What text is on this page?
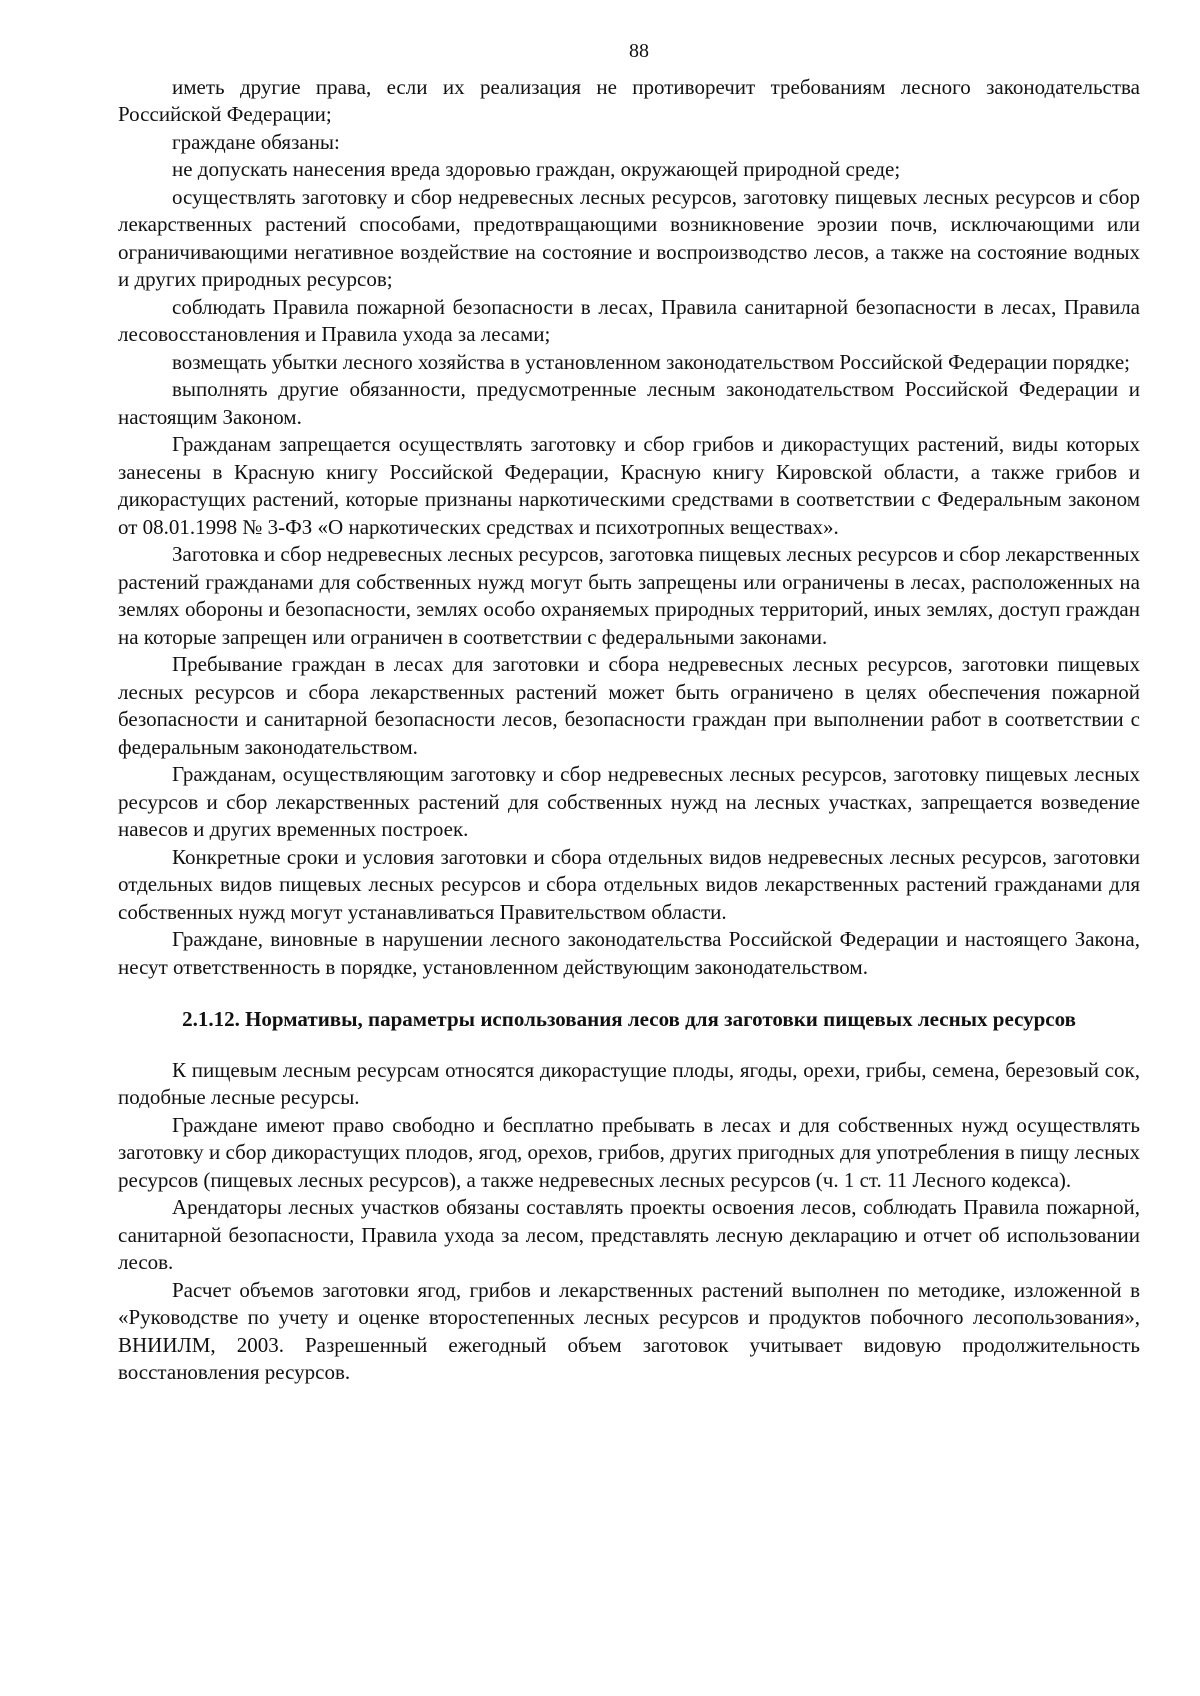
88

иметь другие права, если их реализация не противоречит требованиям лесного законодательства Российской Федерации;

граждане обязаны:

не допускать нанесения вреда здоровью граждан, окружающей природной среде;

осуществлять заготовку и сбор недревесных лесных ресурсов, заготовку пищевых лесных ресурсов и сбор лекарственных растений способами, предотвращающими возникновение эрозии почв, исключающими или ограничивающими негативное воздействие на состояние и воспроизводство лесов, а также на состояние водных и других природных ресурсов;

соблюдать Правила пожарной безопасности в лесах, Правила санитарной безопасности в лесах, Правила лесовосстановления и Правила ухода за лесами;

возмещать убытки лесного хозяйства в установленном законодательством Российской Федерации порядке;

выполнять другие обязанности, предусмотренные лесным законодательством Российской Федерации и настоящим Законом.

Гражданам запрещается осуществлять заготовку и сбор грибов и дикорастущих растений, виды которых занесены в Красную книгу Российской Федерации, Красную книгу Кировской области, а также грибов и дикорастущих растений, которые признаны наркотическими средствами в соответствии с Федеральным законом от 08.01.1998 № 3-ФЗ «О наркотических средствах и психотропных веществах».

Заготовка и сбор недревесных лесных ресурсов, заготовка пищевых лесных ресурсов и сбор лекарственных растений гражданами для собственных нужд могут быть запрещены или ограничены в лесах, расположенных на землях обороны и безопасности, землях особо охраняемых природных территорий, иных землях, доступ граждан на которые запрещен или ограничен в соответствии с федеральными законами.

Пребывание граждан в лесах для заготовки и сбора недревесных лесных ресурсов, заготовки пищевых лесных ресурсов и сбора лекарственных растений может быть ограничено в целях обеспечения пожарной безопасности и санитарной безопасности лесов, безопасности граждан при выполнении работ в соответствии с федеральным законодательством.

Гражданам, осуществляющим заготовку и сбор недревесных лесных ресурсов, заготовку пищевых лесных ресурсов и сбор лекарственных растений для собственных нужд на лесных участках, запрещается возведение навесов и других временных построек.

Конкретные сроки и условия заготовки и сбора отдельных видов недревесных лесных ресурсов, заготовки отдельных видов пищевых лесных ресурсов и сбора отдельных видов лекарственных растений гражданами для собственных нужд могут устанавливаться Правительством области.

Граждане, виновные в нарушении лесного законодательства Российской Федерации и настоящего Закона, несут ответственность в порядке, установленном действующим законодательством.

2.1.12. Нормативы, параметры использования лесов для заготовки пищевых лесных ресурсов

К пищевым лесным ресурсам относятся дикорастущие плоды, ягоды, орехи, грибы, семена, березовый сок, подобные лесные ресурсы.

Граждане имеют право свободно и бесплатно пребывать в лесах и для собственных нужд осуществлять заготовку и сбор дикорастущих плодов, ягод, орехов, грибов, других пригодных для употребления в пищу лесных ресурсов (пищевых лесных ресурсов), а также недревесных лесных ресурсов (ч. 1 ст. 11 Лесного кодекса).

Арендаторы лесных участков обязаны составлять проекты освоения лесов, соблюдать Правила пожарной, санитарной безопасности, Правила ухода за лесом, представлять лесную декларацию и отчет об использовании лесов.

Расчет объемов заготовки ягод, грибов и лекарственных растений выполнен по методике, изложенной в «Руководстве по учету и оценке второстепенных лесных ресурсов и продуктов побочного лесопользования», ВНИИЛМ, 2003. Разрешенный ежегодный объем заготовок учитывает видовую продолжительность восстановления ресурсов.
